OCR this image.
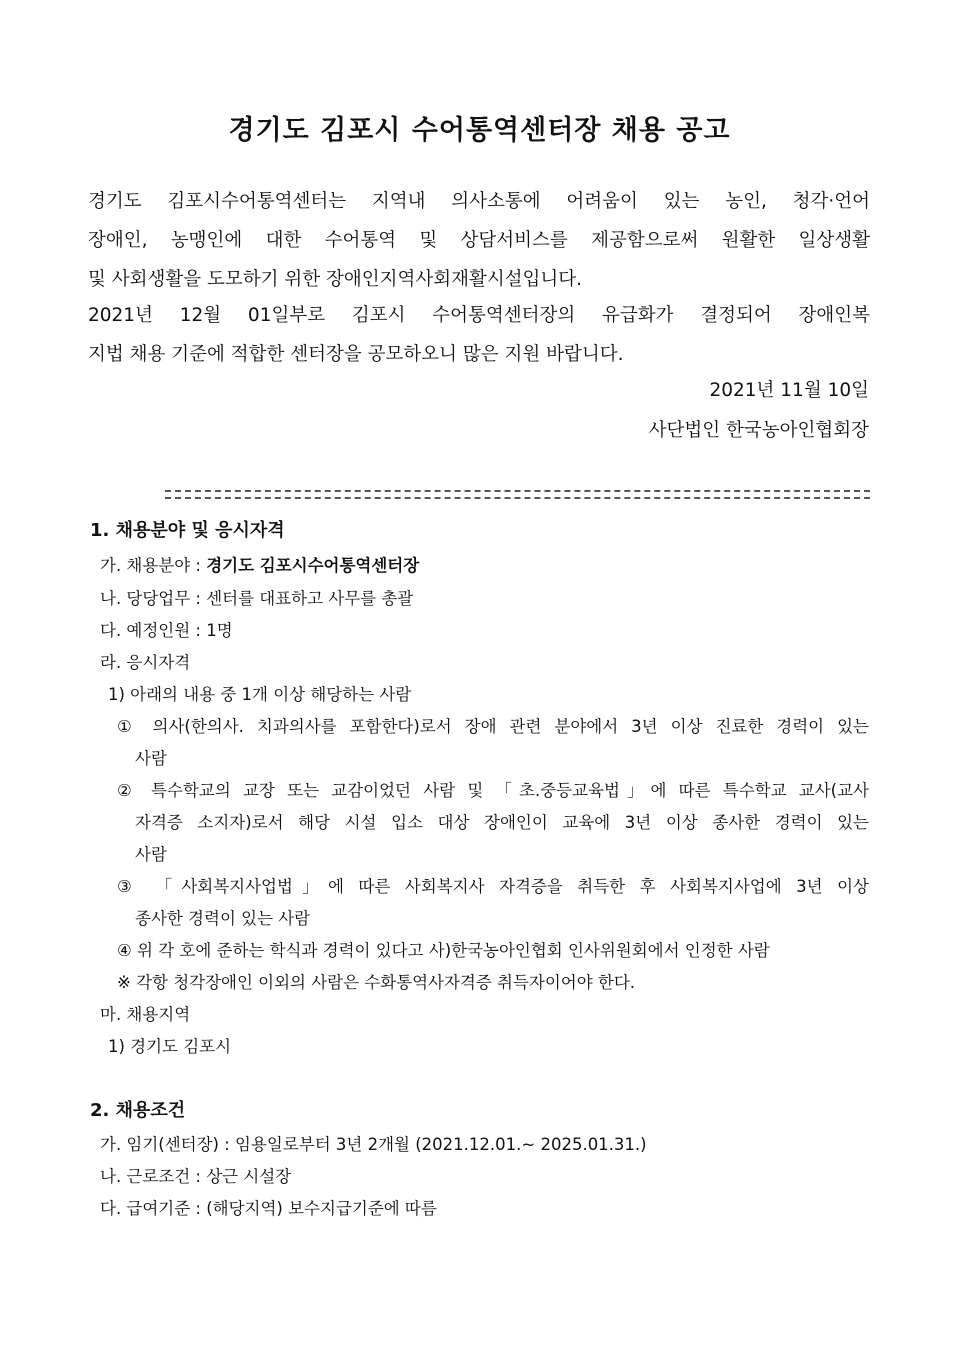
경기도 김포시 수어통역센터장 채용 공고
경기도 김포시수어통역센터는 지역내 의사소통에 어려움이 있는 농인, 청각·언어
장애인, 농맹인에 대한 수어통역 및 상담서비스를 제공함으로써 원활한 일상생활
및 사회생활을 도모하기 위한 장애인지역사회재활시설입니다.
2021년 12월 01일부로 김포시 수어통역센터장의 유급화가 결정되어 장애인복
지법 채용 기준에 적합한 센터장을 공모하오니 많은 지원 바랍니다.
2021년 11월 10일
사단법인 한국농아인협회장
1. 채용분야 및 응시자격
가. 채용분야 : 경기도 김포시수어통역센터장
나. 당당업무 : 센터를 대표하고 사무를 총괄
다. 예정인원 : 1명
라. 응시자격
1) 아래의 내용 중 1개 이상 해당하는 사람
① 의사(한의사. 치과의사를 포함한다)로서 장애 관련 분야에서 3년 이상 진료한 경력이 있는
사람
② 특수학교의 교장 또는 교감이었던 사람 및 「초.중등교육법」에 따른 특수학교 교사(교사
자격증 소지자)로서 해당 시설 입소 대상 장애인이 교육에 3년 이상 종사한 경력이 있는
사람
③ 「사회복지사업법」에 따른 사회복지사 자격증을 취득한 후 사회복지사업에 3년 이상
종사한 경력이 있는 사람
④ 위 각 호에 준하는 학식과 경력이 있다고 사)한국농아인협회 인사위원회에서 인정한 사람
※ 각항 청각장애인 이외의 사람은 수화통역사자격증 취득자이어야 한다.
마. 채용지역
1) 경기도 김포시
2. 채용조건
가. 임기(센터장) : 임용일로부터 3년 2개월 (2021.12.01.~ 2025.01.31.)
나. 근로조건 : 상근 시설장
다. 급여기준 : (해당지역) 보수지급기준에 따름
